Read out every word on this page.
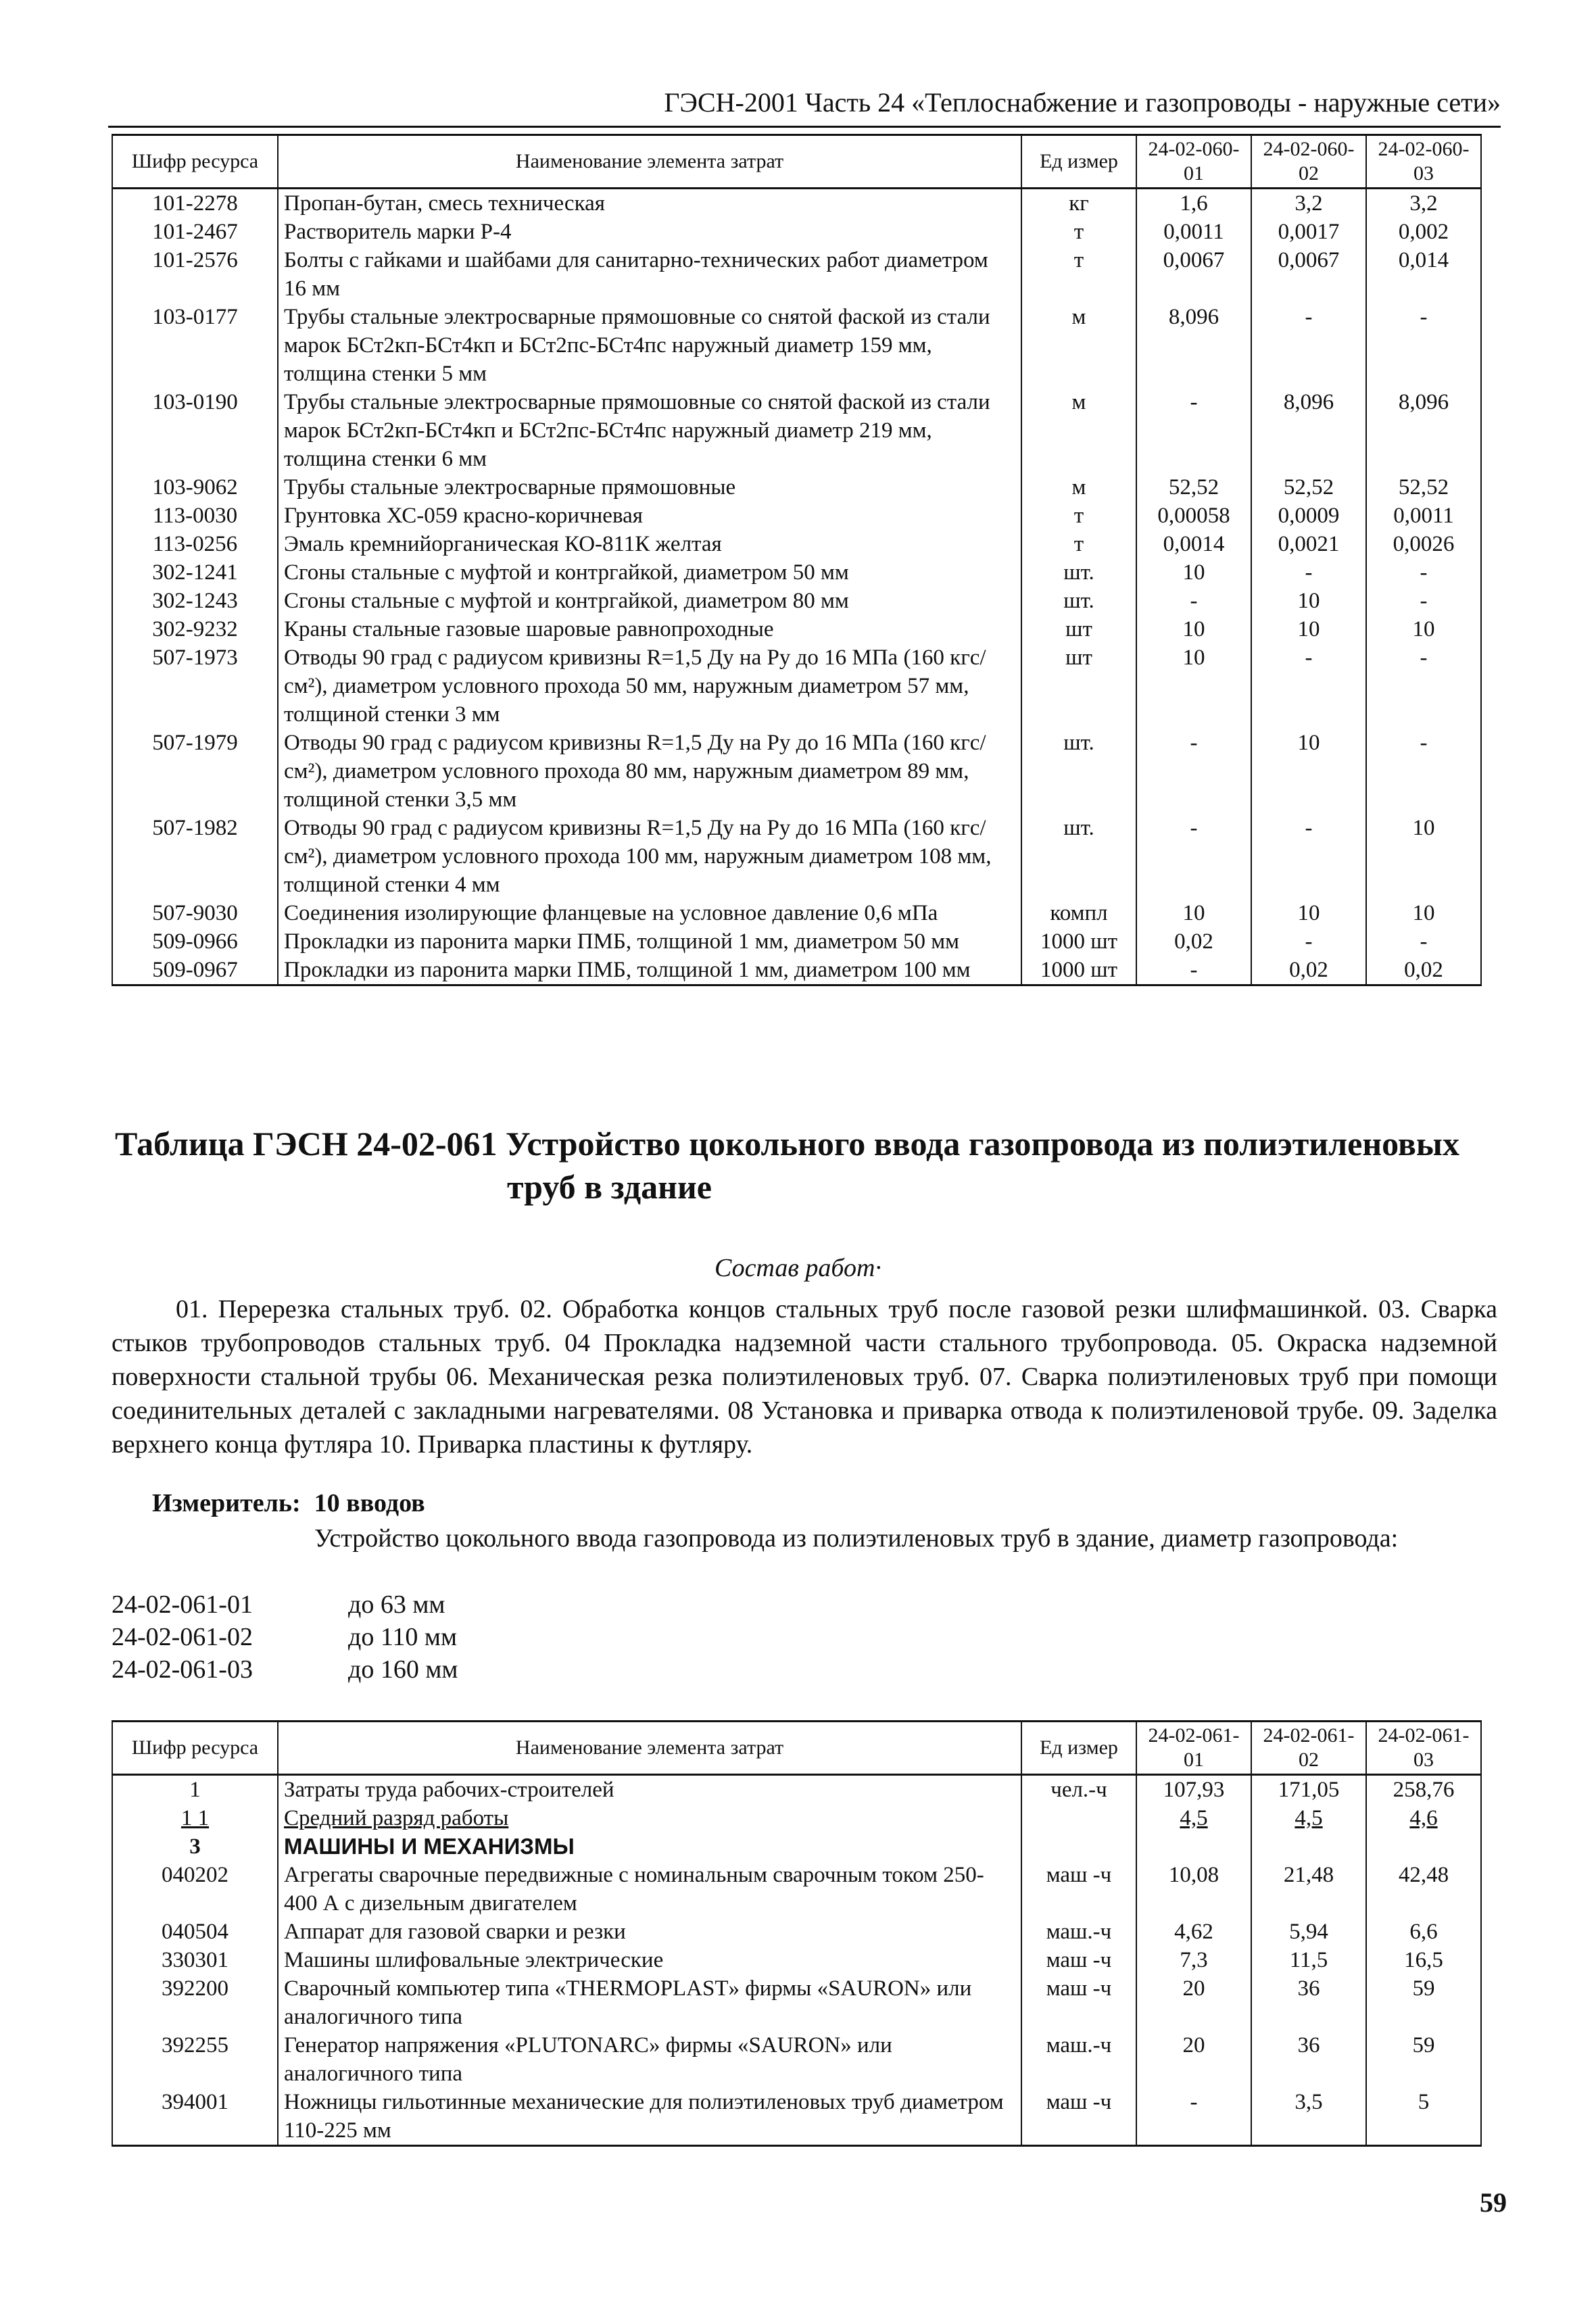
ГЭСН-2001 Часть 24 «Теплоснабжение и газопроводы - наружные сети»
Шифр ресурса	Наименование элемента затрат	Ед измер	24-02-060-01	24-02-060-02	24-02-060-03
101-2278	Пропан-бутан, смесь техническая	кг	1,6	3,2	3,2
101-2467	Растворитель марки Р-4	т	0,0011	0,0017	0,002
101-2576	Болты с гайками и шайбами для санитарно-технических работ диаметром 16 мм	т	0,0067	0,0067	0,014
103-0177	Трубы стальные электросварные прямошовные со снятой фаской из стали марок БСт2кп-БСт4кп и БСт2пс-БСт4пс наружный диаметр 159 мм, толщина стенки 5 мм	м	8,096	-	-
103-0190	Трубы стальные электросварные прямошовные со снятой фаской из стали марок БСт2кп-БСт4кп и БСт2пс-БСт4пс наружный диаметр 219 мм, толщина стенки 6 мм	м	-	8,096	8,096
103-9062	Трубы стальные электросварные прямошовные	м	52,52	52,52	52,52
113-0030	Грунтовка ХС-059 красно-коричневая	т	0,00058	0,0009	0,0011
113-0256	Эмаль кремнийорганическая КО-811К желтая	т	0,0014	0,0021	0,0026
302-1241	Сгоны стальные с муфтой и контргайкой, диаметром 50 мм	шт.	10	-	-
302-1243	Сгоны стальные с муфтой и контргайкой, диаметром 80 мм	шт.	-	10	-
302-9232	Краны стальные газовые шаровые равнопроходные	шт	10	10	10
507-1973	Отводы 90 град с радиусом кривизны R=1,5 Ду на Ру до 16 МПа (160 кгс/см²), диаметром условного прохода 50 мм, наружным диаметром 57 мм, толщиной стенки 3 мм	шт	10	-	-
507-1979	Отводы 90 град с радиусом кривизны R=1,5 Ду на Ру до 16 МПа (160 кгс/см²), диаметром условного прохода 80 мм, наружным диаметром 89 мм, толщиной стенки 3,5 мм	шт.	-	10	-
507-1982	Отводы 90 град с радиусом кривизны R=1,5 Ду на Ру до 16 МПа (160 кгс/см²), диаметром условного прохода 100 мм, наружным диаметром 108 мм, толщиной стенки 4 мм	шт.	-	-	10
507-9030	Соединения изолирующие фланцевые на условное давление 0,6 мПа	компл	10	10	10
509-0966	Прокладки из паронита марки ПМБ, толщиной 1 мм, диаметром 50 мм	1000 шт	0,02	-	-
509-0967	Прокладки из паронита марки ПМБ, толщиной 1 мм, диаметром 100 мм	1000 шт	-	0,02	0,02
Таблица ГЭСН 24-02-061 Устройство цокольного ввода газопровода из полиэтиленовых
труб в здание
Состав работ·
01. Перерезка стальных труб. 02. Обработка концов стальных труб после газовой резки шлифмашинкой. 03. Сварка стыков трубопроводов стальных труб. 04 Прокладка надземной части стального трубопровода. 05. Окраска надземной поверхности стальной трубы 06. Механическая резка полиэтиленовых труб. 07. Сварка полиэтиленовых труб при помощи соединительных деталей с закладными нагревателями. 08 Установка и приварка отвода к полиэтиленовой трубе. 09. Заделка верхнего конца футляра 10. Приварка пластины к футляру.
Измеритель: 10 вводов
Устройство цокольного ввода газопровода из полиэтиленовых труб в здание, диаметр газопровода:
24-02-061-01	до 63 мм
24-02-061-02	до 110 мм
24-02-061-03	до 160 мм
Шифр ресурса	Наименование элемента затрат	Ед измер	24-02-061-01	24-02-061-02	24-02-061-03
1	Затраты труда рабочих-строителей	чел.-ч	107,93	171,05	258,76
1 1	Средний разряд работы		4,5	4,5	4,6
3	МАШИНЫ И МЕХАНИЗМЫ				
040202	Агрегаты сварочные передвижные с номинальным сварочным током 250-400 А с дизельным двигателем	маш -ч	10,08	21,48	42,48
040504	Аппарат для газовой сварки и резки	маш.-ч	4,62	5,94	6,6
330301	Машины шлифовальные электрические	маш -ч	7,3	11,5	16,5
392200	Сварочный компьютер типа «THERMOPLAST» фирмы «SAURON» или аналогичного типа	маш -ч	20	36	59
392255	Генератор напряжения «PLUTONARC» фирмы «SAURON» или аналогичного типа	маш.-ч	20	36	59
394001	Ножницы гильотинные механические для полиэтиленовых труб диаметром 110-225 мм	маш -ч	-	3,5	5
59
